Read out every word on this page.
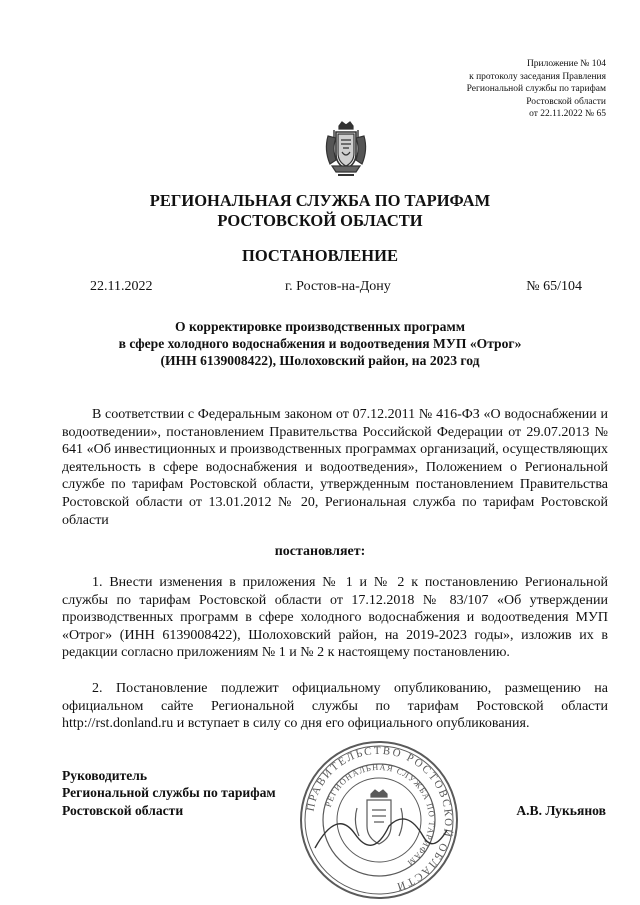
Приложение № 104
к протоколу заседания Правления
Региональной службы по тарифам
Ростовской области
от 22.11.2022 № 65
РЕГИОНАЛЬНАЯ СЛУЖБА ПО ТАРИФАМ
РОСТОВСКОЙ ОБЛАСТИ
ПОСТАНОВЛЕНИЕ
22.11.2022	г. Ростов-на-Дону	№ 65/104
О корректировке производственных программ
в сфере холодного водоснабжения и водоотведения МУП «Отрог»
(ИНН 6139008422), Шолоховский район, на 2023 год
В соответствии с Федеральным законом от 07.12.2011 № 416-ФЗ «О водоснабжении и водоотведении», постановлением Правительства Российской Федерации от 29.07.2013 № 641 «Об инвестиционных и производственных программах организаций, осуществляющих деятельность в сфере водоснабжения и водоотведения», Положением о Региональной службе по тарифам Ростовской области, утвержденным постановлением Правительства Ростовской области от 13.01.2012 № 20, Региональная служба по тарифам Ростовской области
постановляет:
1. Внести изменения в приложения № 1 и № 2 к постановлению Региональной службы по тарифам Ростовской области от 17.12.2018 № 83/107 «Об утверждении производственных программ в сфере холодного водоснабжения и водоотведения МУП «Отрог» (ИНН 6139008422), Шолоховский район, на 2019-2023 годы», изложив их в редакции согласно приложениям № 1 и № 2 к настоящему постановлению.
2. Постановление подлежит официальному опубликованию, размещению на официальном сайте Региональной службы по тарифам Ростовской области http://rst.donland.ru и вступает в силу со дня его официального опубликования.
Руководитель
Региональной службы по тарифам
Ростовской области	ПРАВИТЕЛЬСТВО РОСТОВСКОЙ ОБЛАСТИ
РЕГИОНАЛЬНАЯ СЛУЖБА ПО ТАРИФАМ
А.В. Лукьянов
